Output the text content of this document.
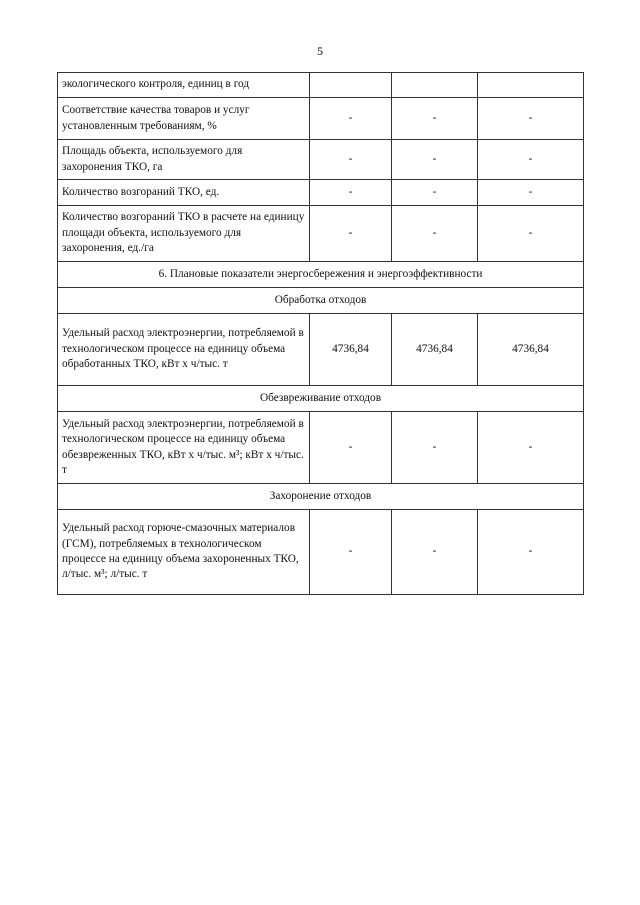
5
экологического контроля, единиц в год			
Соответствие качества товаров и услуг установленным требованиям, %	-	-	-
Площадь объекта, используемого для захоронения ТКО, га	-	-	-
Количество возгораний ТКО, ед.	-	-	-
Количество возгораний ТКО в расчете на единицу площади объекта, используемого для захоронения, ед./га	-	-	-
6. Плановые показатели энергосбережения и энергоэффективности			
Обработка отходов			
Удельный расход электроэнергии, потребляемой в технологическом процессе на единицу объема обработанных ТКО, кВт х ч/тыс. т	4736,84	4736,84	4736,84
Обезвреживание отходов			
Удельный расход электроэнергии, потребляемой в технологическом процессе на единицу объема обезвреженных ТКО, кВт х ч/тыс. м³; кВт х ч/тыс. т	-	-	-
Захоронение отходов			
Удельный расход горюче-смазочных материалов (ГСМ), потребляемых в технологическом процессе на единицу объема захороненных ТКО, л/тыс. м³; л/тыс. т	-	-	-
